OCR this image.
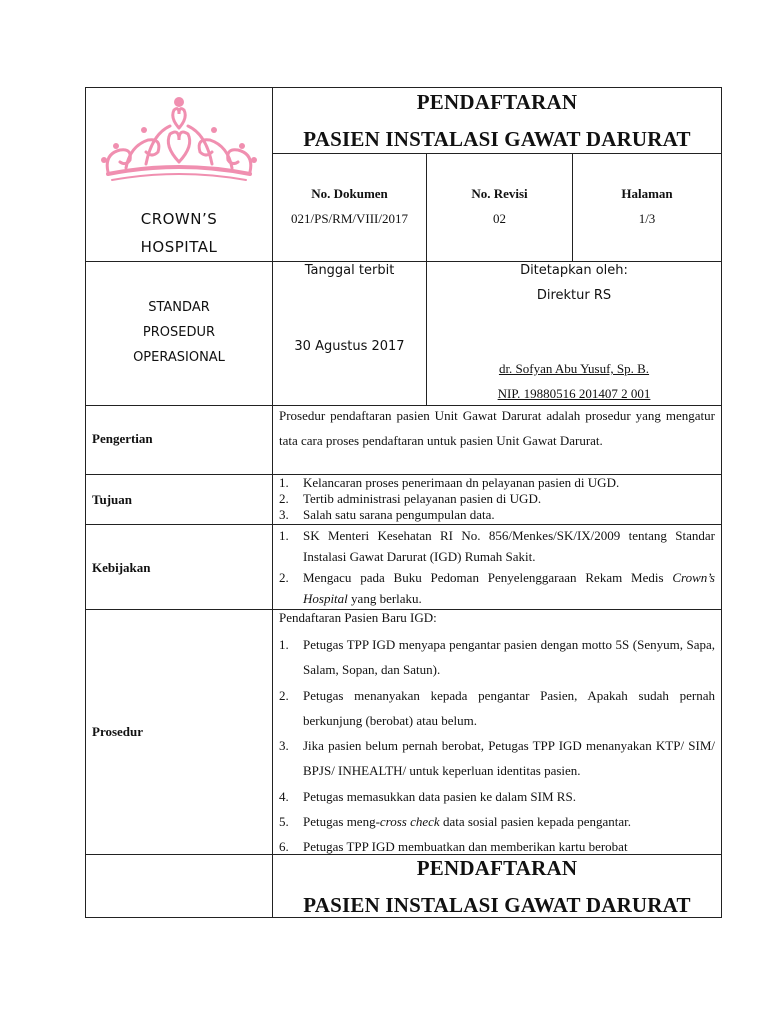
PENDAFTARAN
PASIEN INSTALASI GAWAT DARURAT
CROWN’S
HOSPITAL
No. Dokumen
021/PS/RM/VIII/2017
No. Revisi
02
Halaman
1/3
STANDAR
PROSEDUR
OPERASIONAL
Tanggal terbit
30 Agustus 2017
Ditetapkan oleh:
Direktur RS
dr. Sofyan Abu Yusuf, Sp. B.
NIP. 19880516 201407 2 001
Pengertian
Prosedur pendaftaran pasien Unit Gawat Darurat adalah prosedur yang mengatur tata cara proses pendaftaran untuk pasien Unit Gawat Darurat.
Tujuan
1. Kelancaran proses penerimaan dn pelayanan pasien di UGD.
2. Tertib administrasi pelayanan pasien di UGD.
3. Salah satu sarana pengumpulan data.
Kebijakan
1. SK Menteri Kesehatan RI No. 856/Menkes/SK/IX/2009 tentang Standar Instalasi Gawat Darurat (IGD) Rumah Sakit.
2. Mengacu pada Buku Pedoman Penyelenggaraan Rekam Medis Crown’s Hospital yang berlaku.
Prosedur
Pendaftaran Pasien Baru IGD:
1. Petugas TPP IGD menyapa pengantar pasien dengan motto 5S (Senyum, Sapa, Salam, Sopan, dan Satun).
2. Petugas menanyakan kepada pengantar Pasien, Apakah sudah pernah berkunjung (berobat) atau belum.
3. Jika pasien belum pernah berobat, Petugas TPP IGD menanyakan KTP/ SIM/ BPJS/ INHEALTH/ untuk keperluan identitas pasien.
4. Petugas memasukkan data pasien ke dalam SIM RS.
5. Petugas meng-cross check data sosial pasien kepada pengantar.
6. Petugas TPP IGD membuatkan dan memberikan kartu berobat
PENDAFTARAN
PASIEN INSTALASI GAWAT DARURAT
